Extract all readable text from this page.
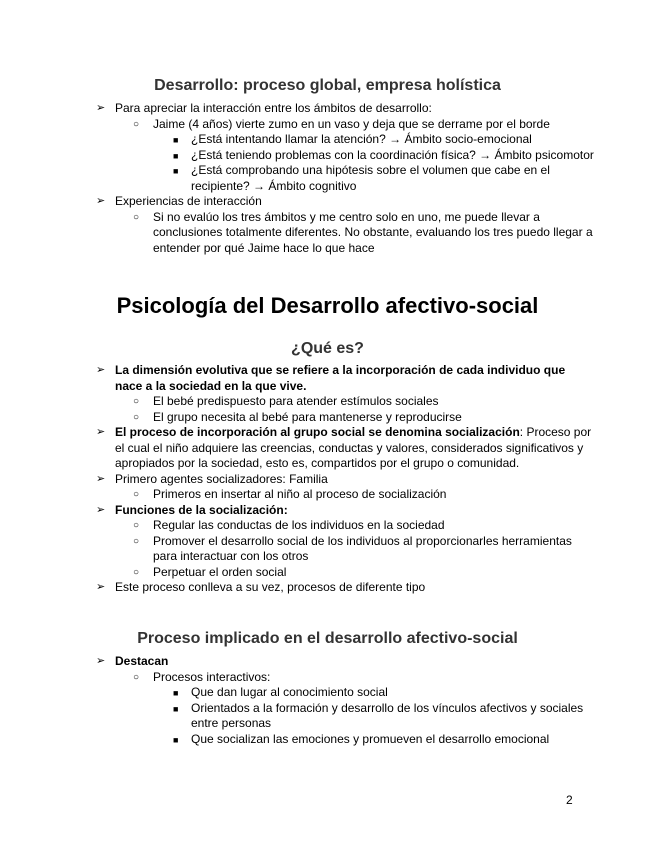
Desarrollo: proceso global, empresa holística
➢ Para apreciar la interacción entre los ámbitos de desarrollo:
○ Jaime (4 años) vierte zumo en un vaso y deja que se derrame por el borde
■ ¿Está intentando llamar la atención? → Ámbito socio-emocional
■ ¿Está teniendo problemas con la coordinación física? → Ámbito psicomotor
■ ¿Está comprobando una hipótesis sobre el volumen que cabe en el recipiente? → Ámbito cognitivo
➢ Experiencias de interacción
○ Si no evalúo los tres ámbitos y me centro solo en uno, me puede llevar a conclusiones totalmente diferentes. No obstante, evaluando los tres puedo llegar a entender por qué Jaime hace lo que hace
Psicología del Desarrollo afectivo-social
¿Qué es?
➢ La dimensión evolutiva que se refiere a la incorporación de cada individuo que nace a la sociedad en la que vive.
○ El bebé predispuesto para atender estímulos sociales
○ El grupo necesita al bebé para mantenerse y reproducirse
➢ El proceso de incorporación al grupo social se denomina socialización: Proceso por el cual el niño adquiere las creencias, conductas y valores, considerados significativos y apropiados por la sociedad, esto es, compartidos por el grupo o comunidad.
➢ Primero agentes socializadores: Familia
○ Primeros en insertar al niño al proceso de socialización
➢ Funciones de la socialización:
○ Regular las conductas de los individuos en la sociedad
○ Promover el desarrollo social de los individuos al proporcionarles herramientas para interactuar con los otros
○ Perpetuar el orden social
➢ Este proceso conlleva a su vez, procesos de diferente tipo
Proceso implicado en el desarrollo afectivo-social
➢ Destacan
○ Procesos interactivos:
■ Que dan lugar al conocimiento social
■ Orientados a la formación y desarrollo de los vínculos afectivos y sociales entre personas
■ Que socializan las emociones y promueven el desarrollo emocional
2
